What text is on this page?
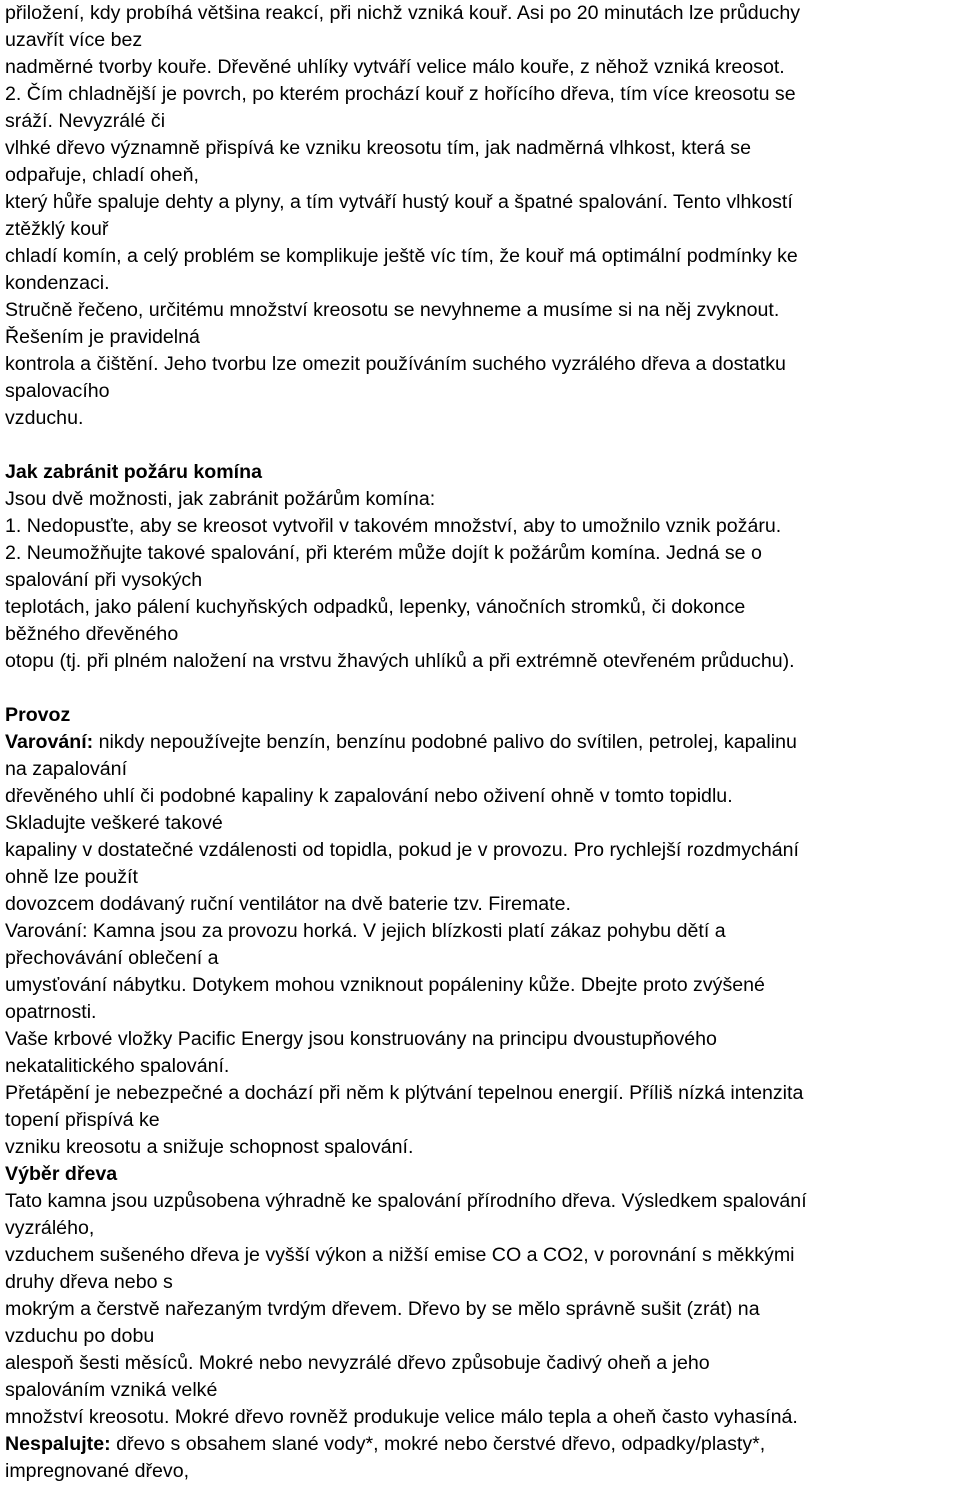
přiložení, kdy probíhá většina reakcí, při nichž vzniká kouř. Asi po 20 minutách lze průduchy
uzavřít více bez
nadměrné tvorby kouře. Dřevěné uhlíky vytváří velice málo kouře, z něhož vzniká kreosot.
2. Čím chladnější je povrch, po kterém prochází kouř z hořícího dřeva, tím více kreosotu se
sráží. Nevyzrálé či
vlhké dřevo významně přispívá ke vzniku kreosotu tím, jak nadměrná vlhkost, která se
odpařuje, chladí oheň,
který hůře spaluje dehty a plyny, a tím vytváří hustý kouř a špatné spalování. Tento vlhkostí
ztěžklý kouř
chladí komín, a celý problém se komplikuje ještě víc tím, že kouř má optimální podmínky ke
kondenzaci.
Stručně řečeno, určitému množství kreosotu se nevyhneme a musíme si na něj zvyknout.
Řešením je pravidelná
kontrola a čištění. Jeho tvorbu lze omezit používáním suchého vyzrálého dřeva a dostatku
spalovacího
vzduchu.
Jak zabránit požáru komína
Jsou dvě možnosti, jak zabránit požárům komína:
1. Nedopusťte, aby se kreosot vytvořil v takovém množství, aby to umožnilo vznik požáru.
2. Neumožňujte takové spalování, při kterém může dojít k požárům komína. Jedná se o
spalování při vysokých
teplotách, jako pálení kuchyňských odpadků, lepenky, vánočních stromků, či dokonce
běžného dřevěného
otopu (tj. při plném naložení na vrstvu žhavých uhlíků a při extrémně otevřeném průduchu).
Provoz
Varování: nikdy nepoužívejte benzín, benzínu podobné palivo do svítilen, petrolej, kapalinu
na zapalování
dřevěného uhlí či podobné kapaliny k zapalování nebo oživení ohně v tomto topidlu.
Skladujte veškeré takové
kapaliny v dostatečné vzdálenosti od topidla, pokud je v provozu. Pro rychlejší rozdmychání
ohně lze použít
dovozcem dodávaný ruční ventilátor na dvě baterie tzv. Firemate.
Varování: Kamna jsou za provozu horká. V jejich blízkosti platí zákaz pohybu dětí a
přechovávání oblečení a
umysťování nábytku. Dotykem mohou vzniknout popáleniny kůže. Dbejte proto zvýšené
opatrnosti.
Vaše krbové vložky Pacific Energy jsou konstruovány na principu dvoustupňového
nekatalitického spalování.
Přetápění je nebezpečné a dochází při něm k plýtvání tepelnou energií. Příliš nízká intenzita
topení přispívá ke
vzniku kreosotu a snižuje schopnost spalování.
Výběr dřeva
Tato kamna jsou uzpůsobena výhradně ke spalování přírodního dřeva. Výsledkem spalování
vyzrálého,
vzduchem sušeného dřeva je vyšší výkon a nižší emise CO a CO2, v porovnání s měkkými
druhy dřeva nebo s
mokrým a čerstvě nařezaným tvrdým dřevem. Dřevo by se mělo správně sušit (zrát) na
vzduchu po dobu
alespoň šesti měsíců. Mokré nebo nevyzrálé dřevo způsobuje čadivý oheň a jeho
spalováním vzniká velké
množství kreosotu. Mokré dřevo rovněž produkuje velice málo tepla a oheň často vyhasíná.
Nespalujte: dřevo s obsahem slané vody*, mokré nebo čerstvé dřevo, odpadky/plasty*,
impregnované dřevo,
